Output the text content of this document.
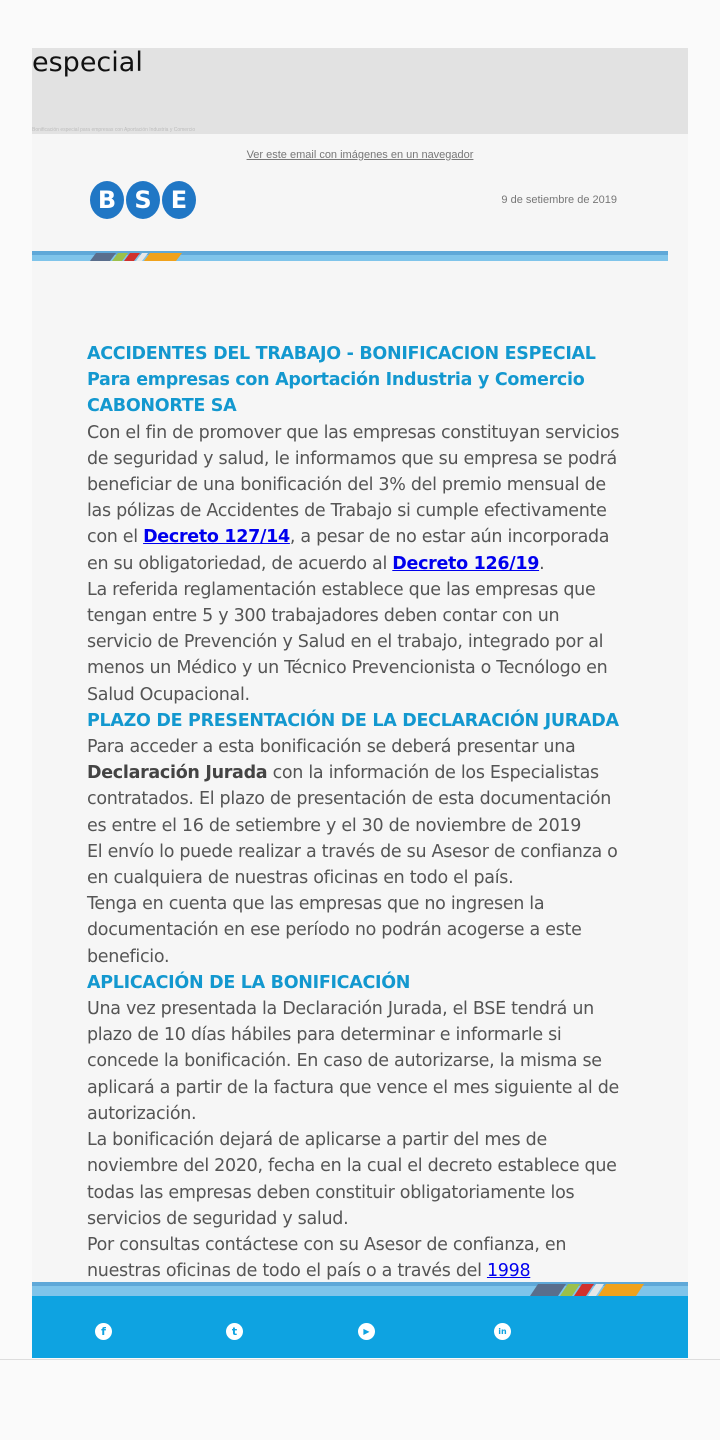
especial
Bonificación especial para empresas con Aportación Industria y Comercio
Ver este email con imágenes en un navegador
B S E	9 de setiembre de 2019

ACCIDENTES DEL TRABAJO - BONIFICACION ESPECIAL

Para empresas con Aportación Industria y Comercio

CABONORTE SA

Con el fin de promover que las empresas constituyan servicios de seguridad y salud, le informamos que su empresa se podrá beneficiar de una bonificación del 3% del premio mensual de las pólizas de Accidentes de Trabajo si cumple efectivamente con el Decreto 127/14, a pesar de no estar aún incorporada en su obligatoriedad, de acuerdo al Decreto 126/19.

La referida reglamentación establece que las empresas que tengan entre 5 y 300 trabajadores deben contar con un servicio de Prevención y Salud en el trabajo, integrado por al menos un Médico y un Técnico Prevencionista o Tecnólogo en Salud Ocupacional.

PLAZO DE PRESENTACIÓN DE LA DECLARACIÓN JURADA

Para acceder a esta bonificación se deberá presentar una Declaración Jurada con la información de los Especialistas contratados. El plazo de presentación de esta documentación es entre el 16 de setiembre y el 30 de noviembre de 2019

El envío lo puede realizar a través de su Asesor de confianza o en cualquiera de nuestras oficinas en todo el país.

Tenga en cuenta que las empresas que no ingresen la documentación en ese período no podrán acogerse a este beneficio.

APLICACIÓN DE LA BONIFICACIÓN

Una vez presentada la Declaración Jurada, el BSE tendrá un plazo de 10 días hábiles para determinar e informarle si concede la bonificación. En caso de autorizarse, la misma se aplicará a partir de la factura que vence el mes siguiente al de autorización.

La bonificación dejará de aplicarse a partir del mes de noviembre del 2020, fecha en la cual el decreto establece que todas las empresas deben constituir obligatoriamente los servicios de seguridad y salud.

Por consultas contáctese con su Asesor de confianza, en nuestras oficinas de todo el país o a través del 1998

f	t	▶	in
